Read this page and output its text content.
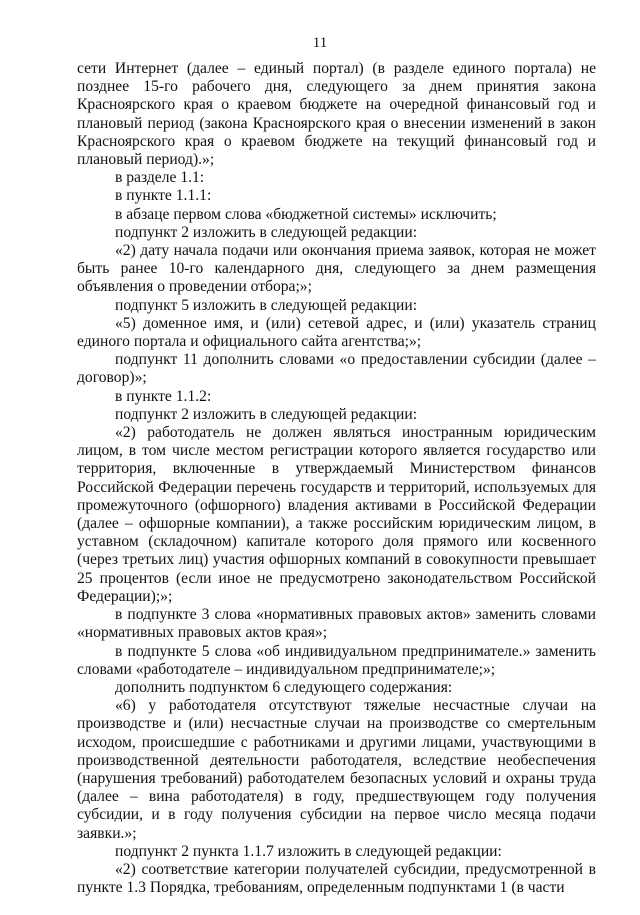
11

сети Интернет (далее – единый портал) (в разделе единого портала) не позднее 15-го рабочего дня, следующего за днем принятия закона Красноярского края о краевом бюджете на очередной финансовый год и плановый период (закона Красноярского края о внесении изменений в закон Красноярского края о краевом бюджете на текущий финансовый год и плановый период).»;

в разделе 1.1:

в пункте 1.1.1:

в абзаце первом слова «бюджетной системы» исключить;

подпункт 2 изложить в следующей редакции:

«2) дату начала подачи или окончания приема заявок, которая не может быть ранее 10-го календарного дня, следующего за днем размещения объявления о проведении отбора;»;

подпункт 5 изложить в следующей редакции:

«5) доменное имя, и (или) сетевой адрес, и (или) указатель страниц единого портала и официального сайта агентства;»;

подпункт 11 дополнить словами «о предоставлении субсидии (далее – договор)»;

в пункте 1.1.2:

подпункт 2 изложить в следующей редакции:

«2) работодатель не должен являться иностранным юридическим лицом, в том числе местом регистрации которого является государство или территория, включенные в утверждаемый Министерством финансов Российской Федерации перечень государств и территорий, используемых для промежуточного (офшорного) владения активами в Российской Федерации (далее – офшорные компании), а также российским юридическим лицом, в уставном (складочном) капитале которого доля прямого или косвенного (через третьих лиц) участия офшорных компаний в совокупности превышает 25 процентов (если иное не предусмотрено законодательством Российской Федерации);»;

в подпункте 3 слова «нормативных правовых актов» заменить словами «нормативных правовых актов края»;

в подпункте 5 слова «об индивидуальном предпринимателе.» заменить словами «работодателе – индивидуальном предпринимателе;»;

дополнить подпунктом 6 следующего содержания:

«6) у работодателя отсутствуют тяжелые несчастные случаи на производстве и (или) несчастные случаи на производстве со смертельным исходом, происшедшие с работниками и другими лицами, участвующими в производственной деятельности работодателя, вследствие необеспечения (нарушения требований) работодателем безопасных условий и охраны труда (далее – вина работодателя) в году, предшествующем году получения субсидии, и в году получения субсидии на первое число месяца подачи заявки.»;

подпункт 2 пункта 1.1.7 изложить в следующей редакции:

«2) соответствие категории получателей субсидии, предусмотренной в пункте 1.3 Порядка, требованиям, определенным подпунктами 1 (в части
